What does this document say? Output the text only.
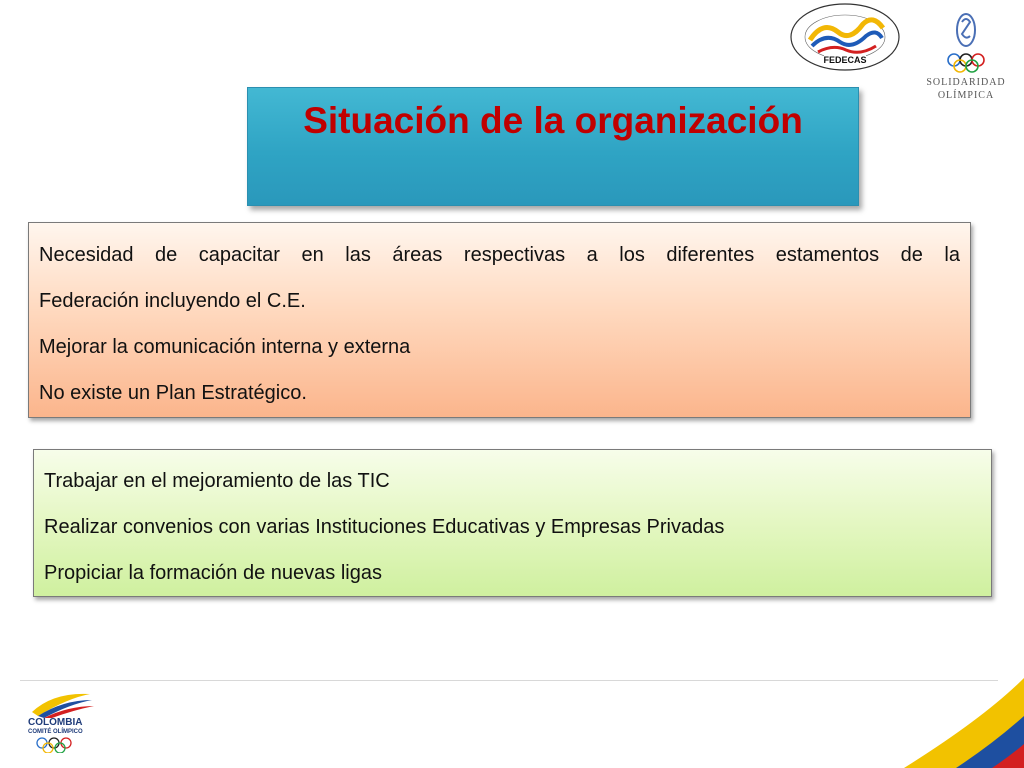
FEDECAS
SOLIDARIDAD
OLÍMPICA
Situación de la organización
Necesidad de capacitar en las áreas respectivas a los diferentes estamentos de la
Federación incluyendo el C.E.
Mejorar la comunicación interna y externa
No existe un Plan Estratégico.
Trabajar en el mejoramiento de las TIC
Realizar convenios con varias Instituciones Educativas y Empresas Privadas
Propiciar la formación de nuevas ligas
COLOMBIA
COMITÉ OLÍMPICO
